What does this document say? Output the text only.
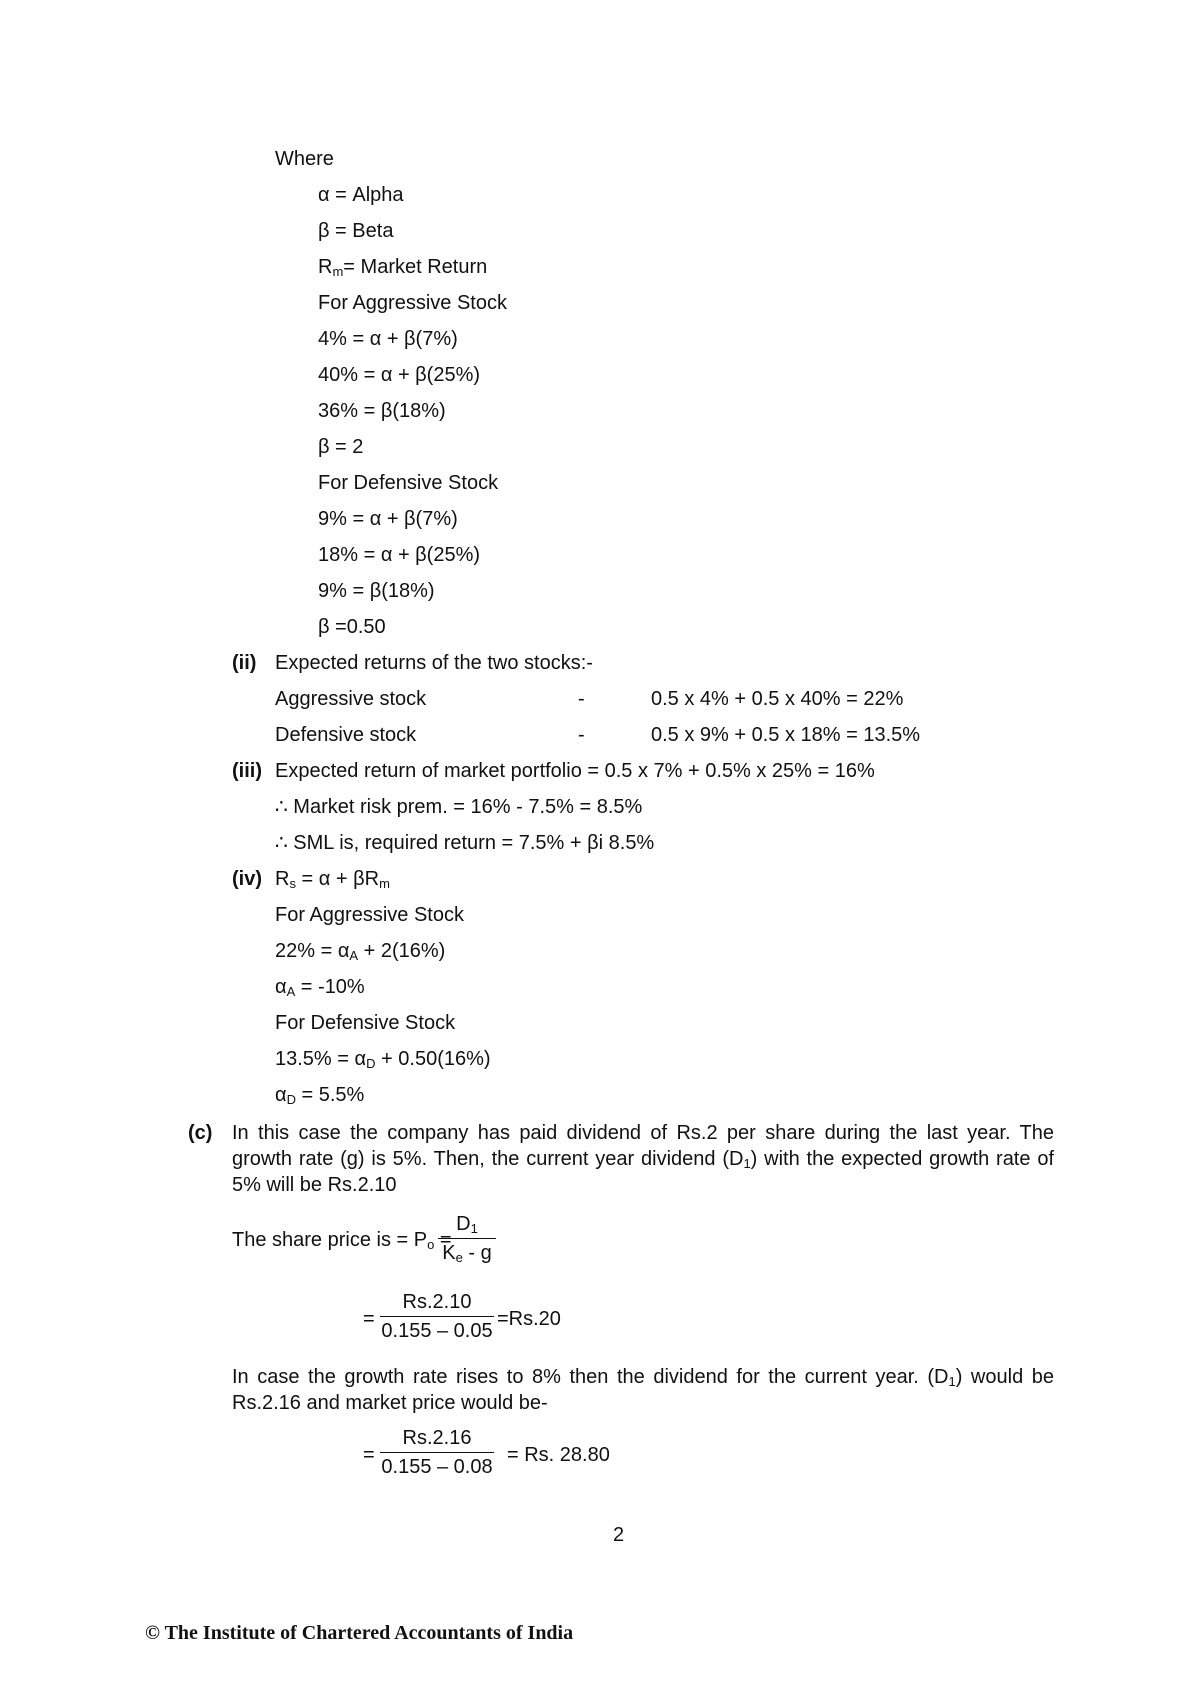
Where
α = Alpha
β = Beta
$R_m=$ Market Return
For Aggressive Stock
4% = α + β(7%)
40% = α + β(25%)
36% = β(18%)
β = 2
For Defensive Stock
9% = α + β(7%)
18% = α + β(25%)
9% = β(18%)
β =0.50
(ii) Expected returns of the two stocks:-
Aggressive stock	-	0.5 x 4% + 0.5 x 40% = 22%
Defensive stock	-	0.5 x 9% + 0.5 x 18% = 13.5%
(iii) Expected return of market portfolio = 0.5 x 7% + 0.5% x 25% = 16%
∴ Market risk prem. = 16% - 7.5% = 8.5%
∴ SML is, required return = 7.5% + βi 8.5%
(iv) $R_s = \alpha + \beta R_m$
For Aggressive Stock
$22\% = \alpha_A + 2(16\%)$
$\alpha_A = -10\%$
For Defensive Stock
$13.5\% = \alpha_D + 0.50(16\%)$
$\alpha_D = 5.5\%$
(c) In this case the company has paid dividend of Rs.2 per share during the last year. The growth rate (g) is 5%. Then, the current year dividend $(D_1)$ with the expected growth rate of 5% will be Rs.2.10
The share price is = $P_o$ =
$\frac{D_1}{K_e - g}$
= $\frac{Rs.2.10}{0.155 - 0.05} =Rs.20$
In case the growth rate rises to 8% then the dividend for the current year. $(D_1)$ would be Rs.2.16 and market price would be-
= $\frac{Rs.2.16}{0.155 - 0.08} = Rs$. 28.80
2
© The Institute of Chartered Accountants of India
